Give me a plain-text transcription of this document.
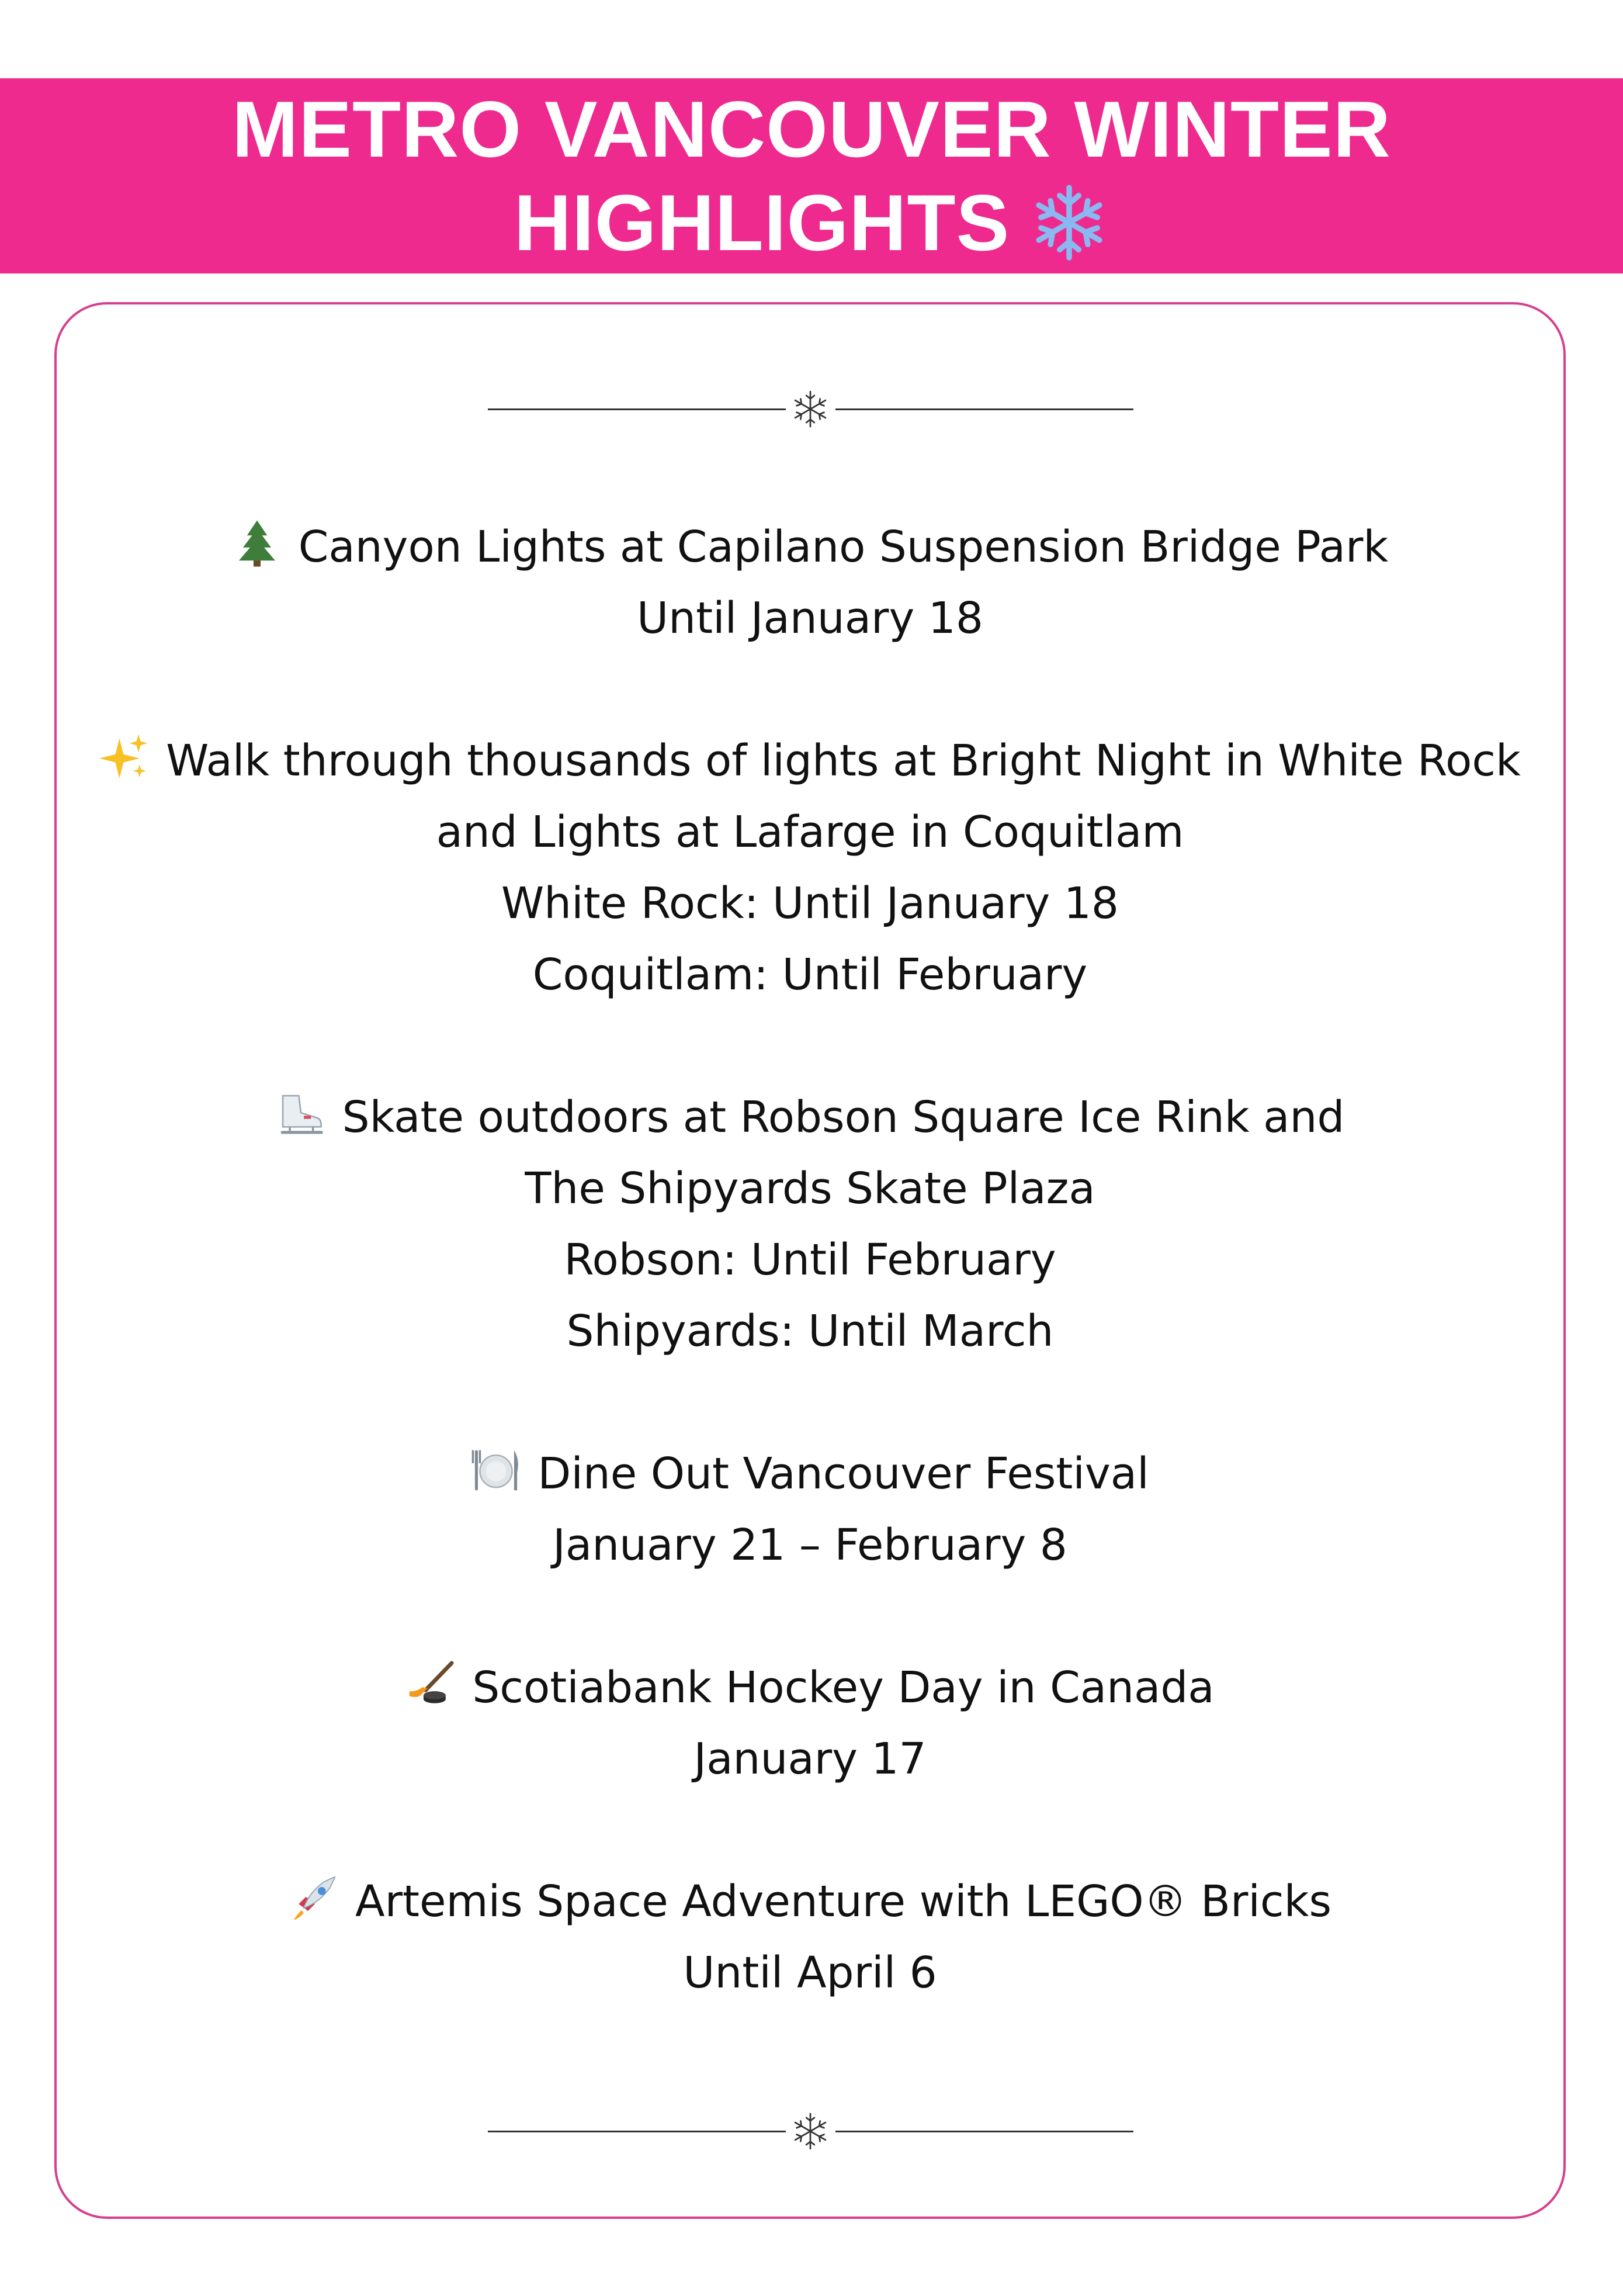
METRO VANCOUVER WINTER
HIGHLIGHTS
Canyon Lights at Capilano Suspension Bridge Park
Until January 18
Walk through thousands of lights at Bright Night in White Rock
and Lights at Lafarge in Coquitlam
White Rock: Until January 18
Coquitlam: Until February
Skate outdoors at Robson Square Ice Rink and
The Shipyards Skate Plaza
Robson: Until February
Shipyards: Until March
Dine Out Vancouver Festival
January 21 – February 8
Scotiabank Hockey Day in Canada
January 17
Artemis Space Adventure with LEGO® Bricks
Until April 6
